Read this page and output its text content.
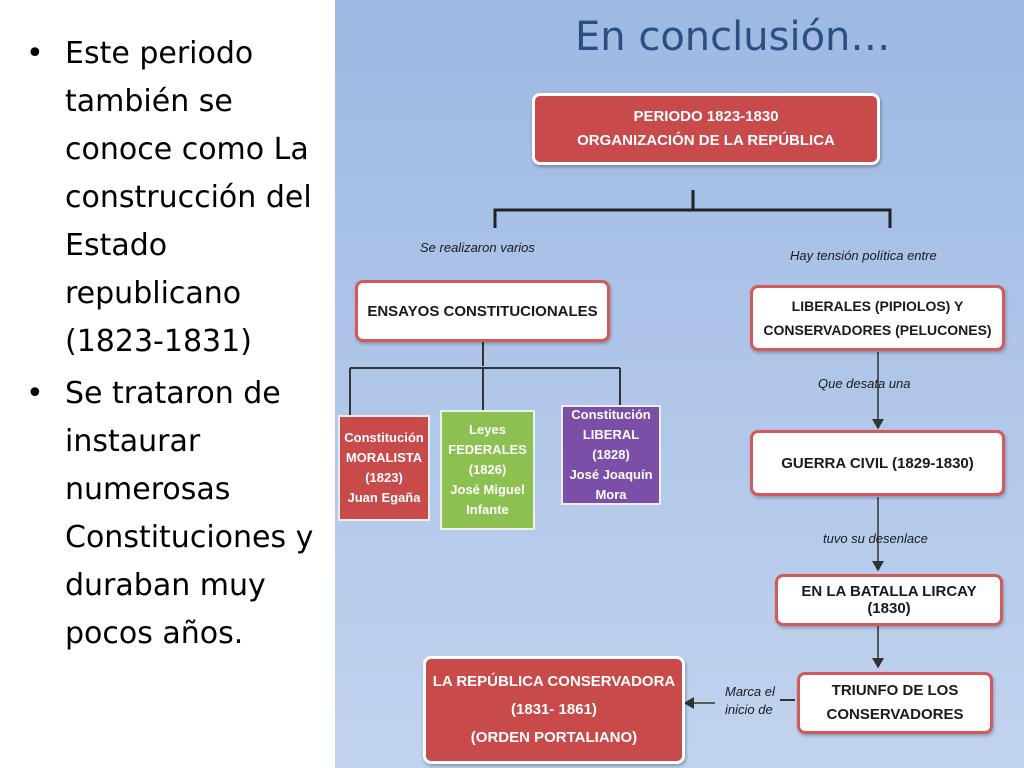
• Este periodo también se conoce como La construcción del Estado republicano (1823-1831)
• Se trataron de instaurar numerosas Constituciones y duraban muy pocos años.
En conclusión…
PERIODO 1823-1830
ORGANIZACIÓN DE LA REPÚBLICA
Se realizaron varios
Hay tensión política entre
ENSAYOS CONSTITUCIONALES	LIBERALES (PIPIOLOS) Y
CONSERVADORES (PELUCONES)
Constitución
MORALISTA
(1823)
Juan Egaña
Leyes
FEDERALES
(1826)
José Miguel
Infante
Constitución
LIBERAL (1828)
José Joaquín
Mora
Que desata una
GUERRA CIVIL (1829-1830)
tuvo su desenlace
EN LA BATALLA LIRCAY (1830)
Marca el
inicio de
TRIUNFO DE LOS
CONSERVADORES
LA REPÚBLICA CONSERVADORA
(1831- 1861)
(ORDEN PORTALIANO)
